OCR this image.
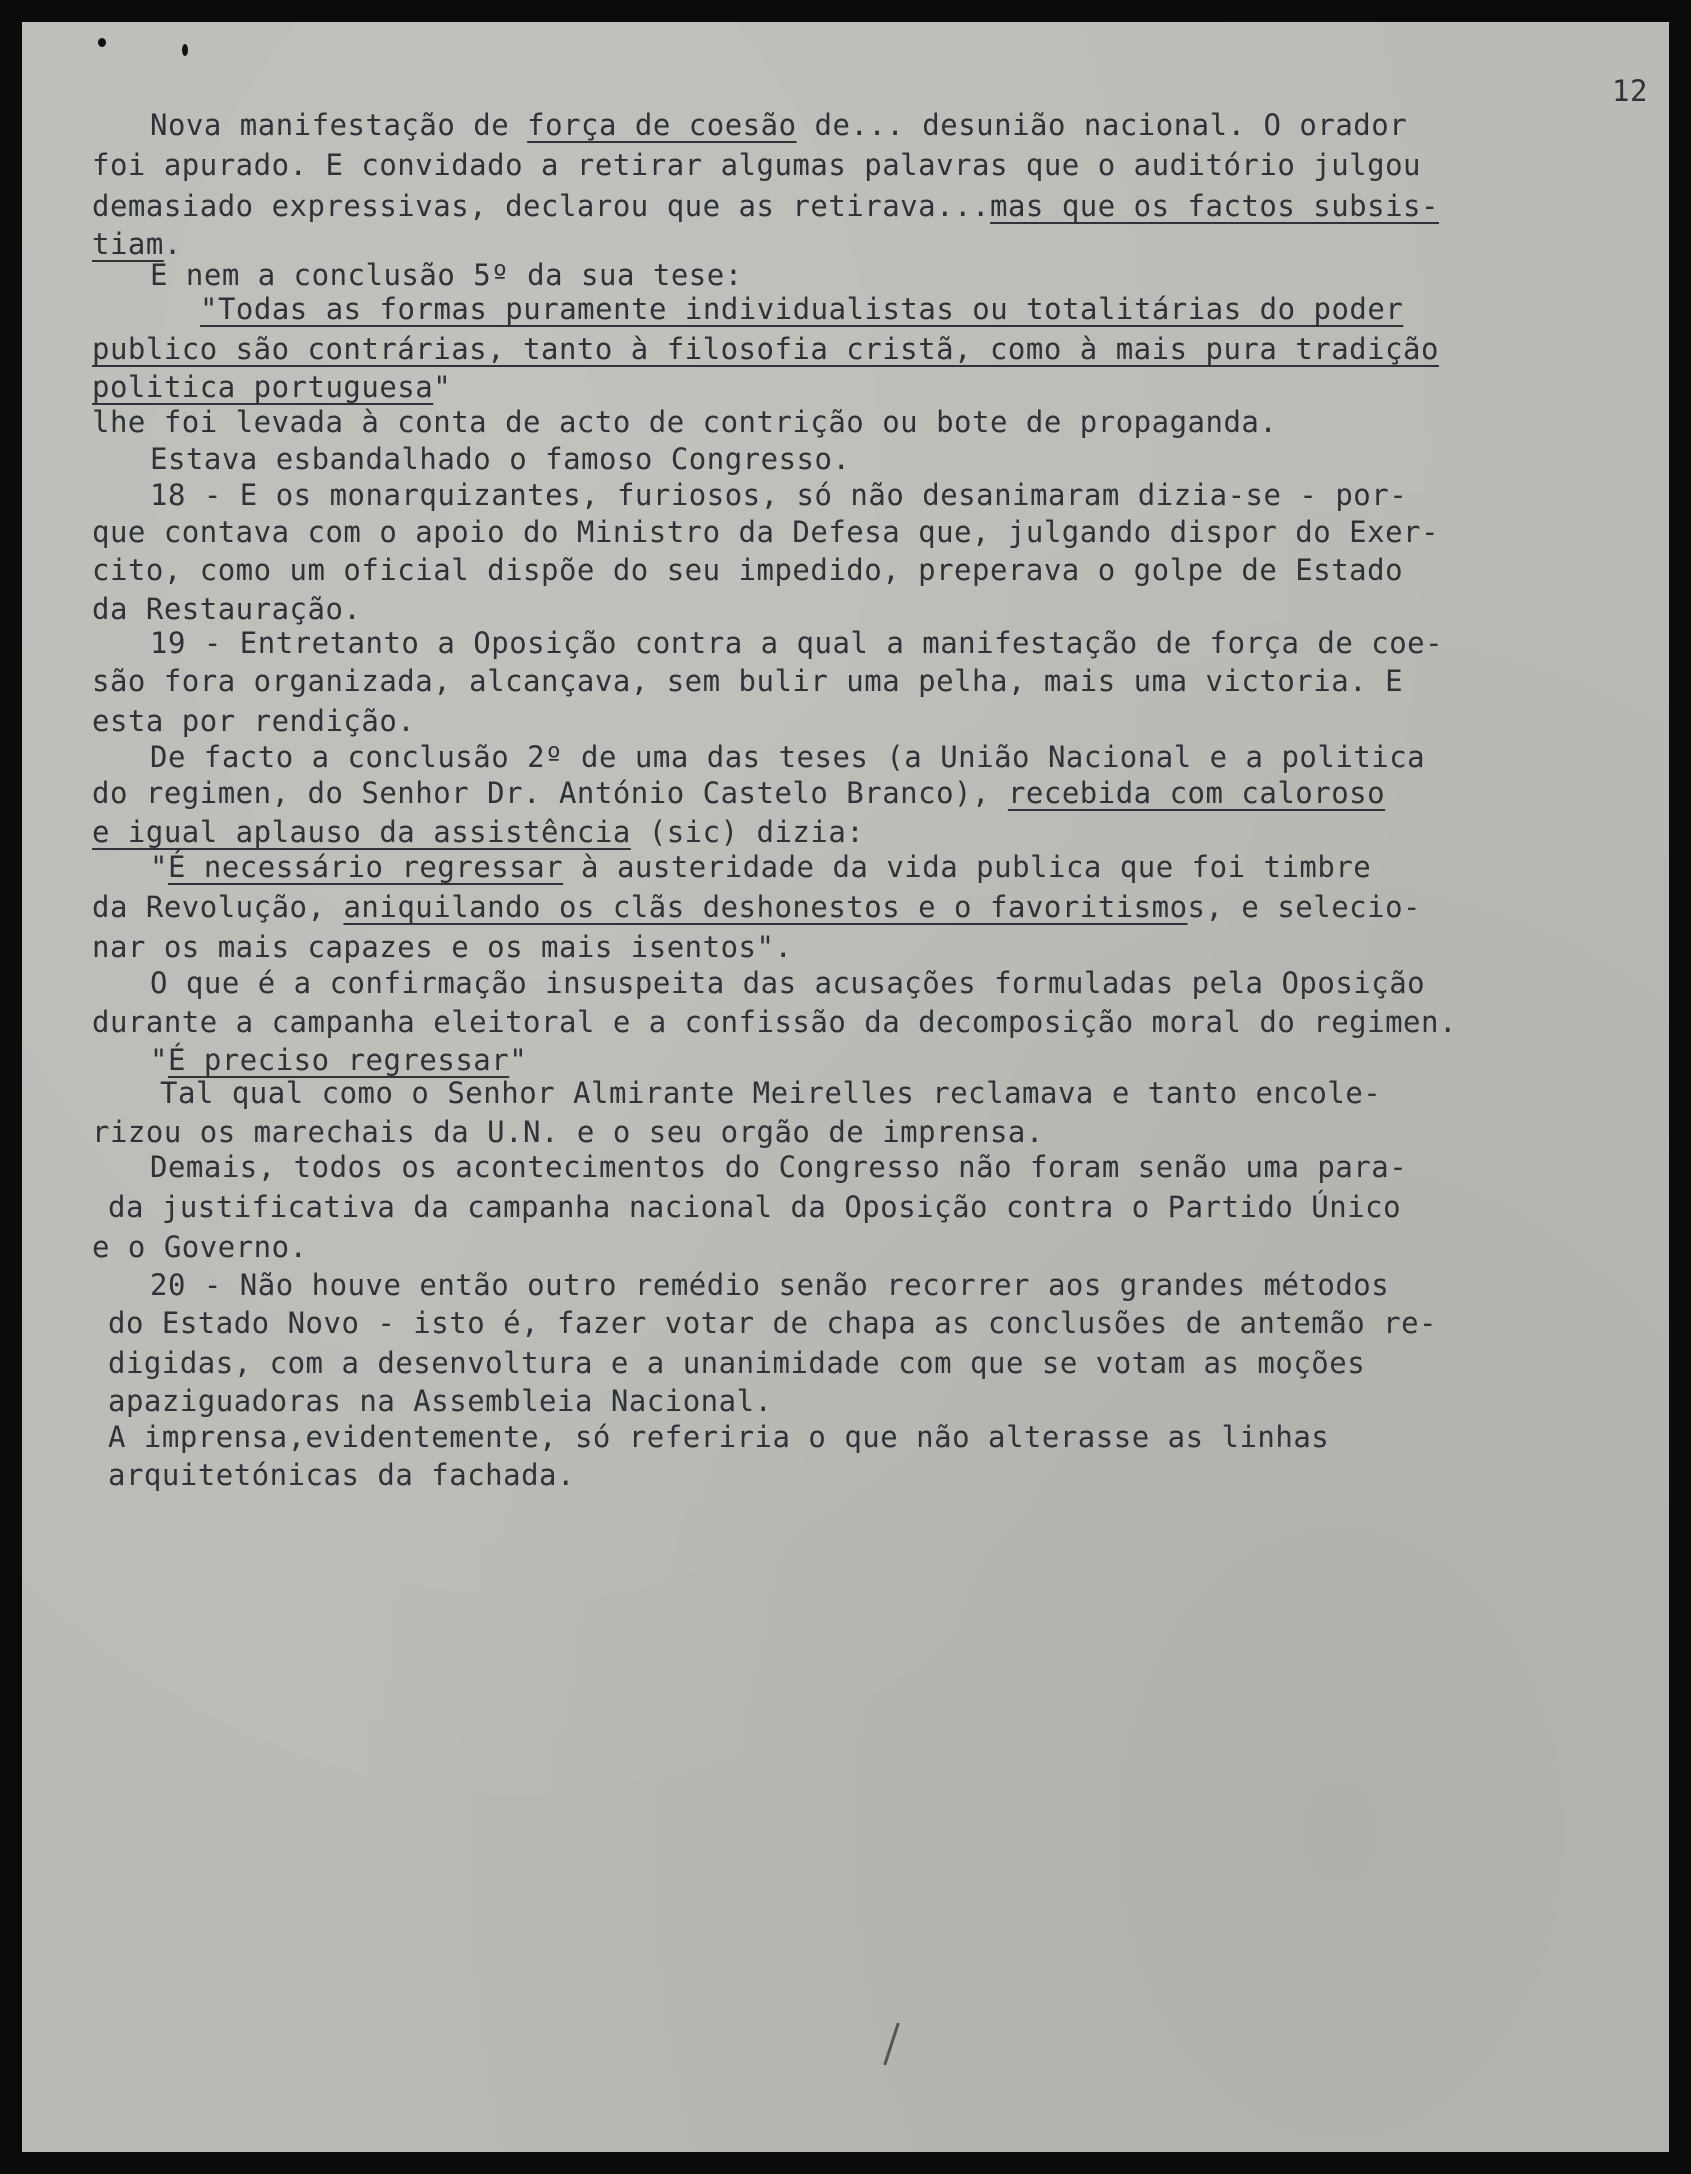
12
Nova manifestação de força de coesão de... desunião nacional. O orador
foi apurado. E convidado a retirar algumas palavras que o auditório julgou
demasiado expressivas, declarou que as retirava...mas que os factos subsis-
tiam.
E nem a conclusão 5º da sua tese:
"Todas as formas puramente individualistas ou totalitárias do poder
publico são contrárias, tanto à filosofia cristã, como à mais pura tradição
politica portuguesa"
lhe foi levada à conta de acto de contrição ou bote de propaganda.
Estava esbandalhado o famoso Congresso.
18 - E os monarquizantes, furiosos, só não desanimaram dizia-se - por-
que contava com o apoio do Ministro da Defesa que, julgando dispor do Exer-
cito, como um oficial dispõe do seu impedido, preperava o golpe de Estado
da Restauração.
19 - Entretanto a Oposição contra a qual a manifestação de força de coe-
são fora organizada, alcançava, sem bulir uma pelha, mais uma victoria. E
esta por rendição.
De facto a conclusão 2º de uma das teses (a União Nacional e a politica
do regimen, do Senhor Dr. António Castelo Branco), recebida com caloroso
e igual aplauso da assistência (sic) dizia:
"É necessário regressar à austeridade da vida publica que foi timbre
da Revolução, aniquilando os clãs deshonestos e o favoritismos, e selecio-
nar os mais capazes e os mais isentos".
O que é a confirmação insuspeita das acusações formuladas pela Oposição
durante a campanha eleitoral e a confissão da decomposição moral do regimen.
"É preciso regressar"
Tal qual como o Senhor Almirante Meirelles reclamava e tanto encole-
rizou os marechais da U.N. e o seu orgão de imprensa.
Demais, todos os acontecimentos do Congresso não foram senão uma para-
da justificativa da campanha nacional da Oposição contra o Partido Único
e o Governo.
20 - Não houve então outro remédio senão recorrer aos grandes métodos
do Estado Novo - isto é, fazer votar de chapa as conclusões de antemão re-
digidas, com a desenvoltura e a unanimidade com que se votam as moções
apaziguadoras na Assembleia Nacional.
A imprensa,evidentemente, só referiria o que não alterasse as linhas
arquitetónicas da fachada.
